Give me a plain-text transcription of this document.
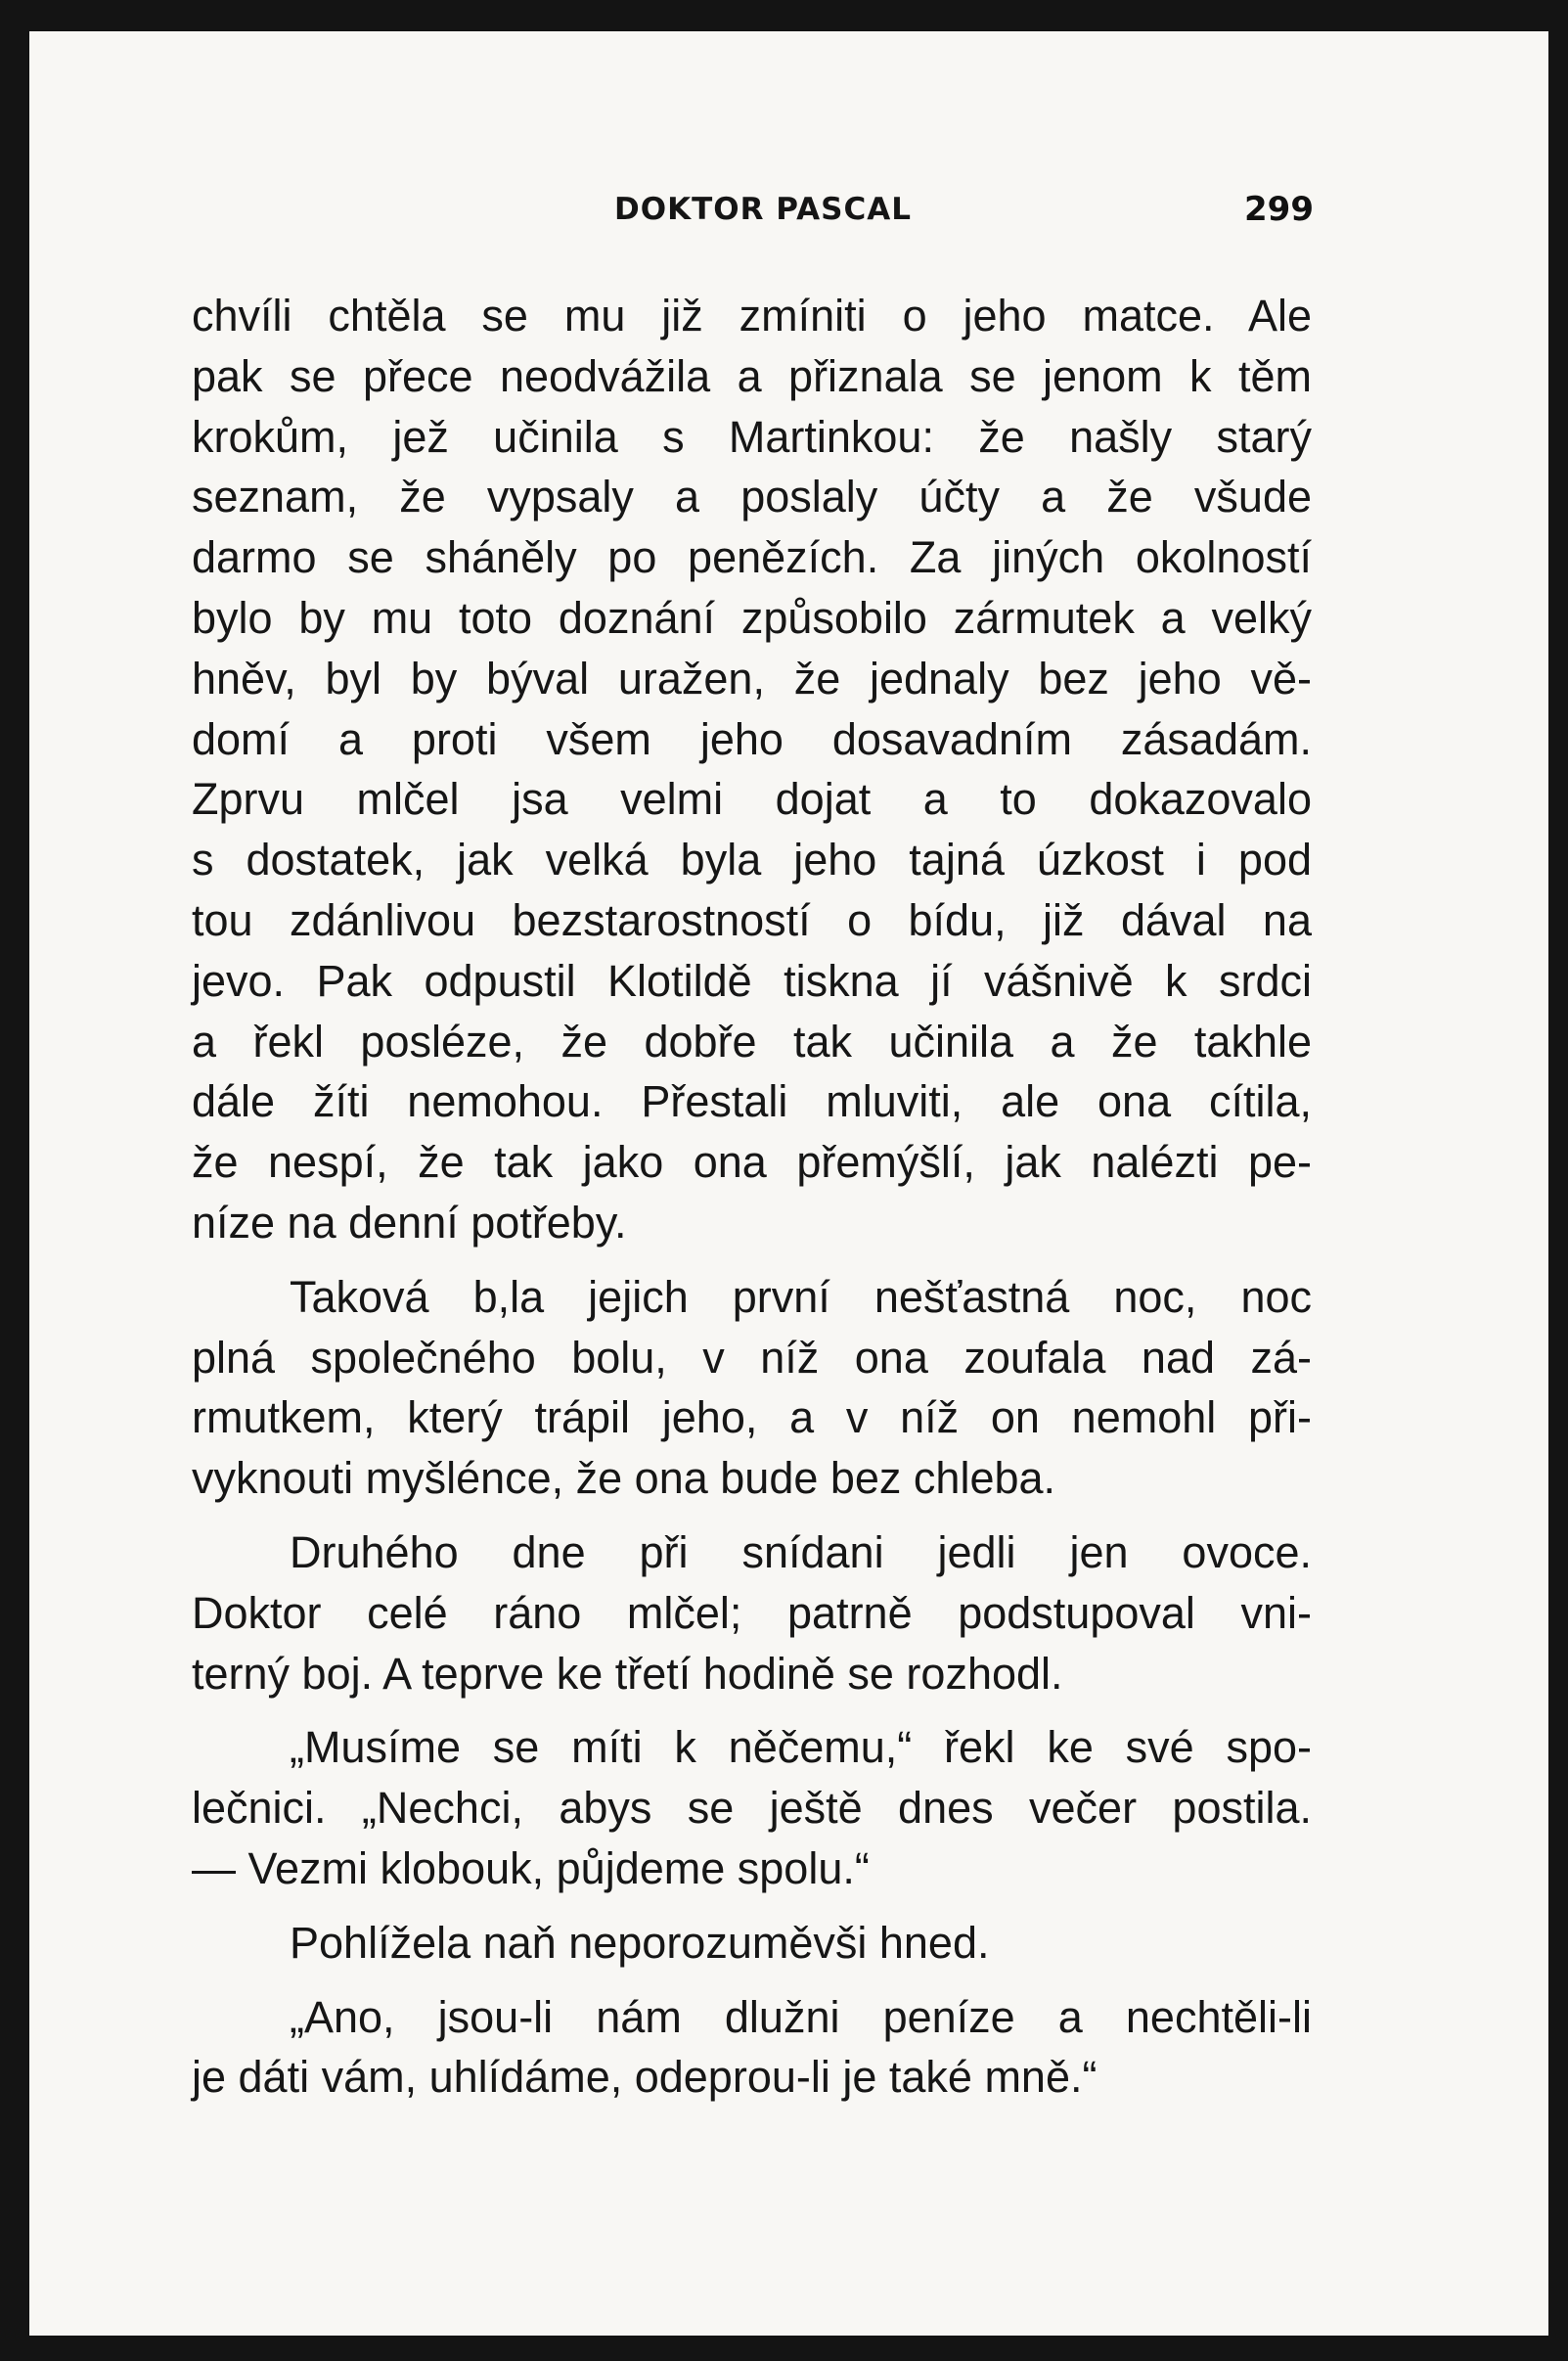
DOKTOR PASCAL	299
chvíli chtěla se mu již zmíniti o jeho matce. Ale
pak se přece neodvážila a přiznala se jenom k těm
krokům, jež učinila s Martinkou: že našly starý
seznam, že vypsaly a poslaly účty a že všude
darmo se sháněly po penězích. Za jiných okolností
bylo by mu toto doznání způsobilo zármutek a velký
hněv, byl by býval uražen, že jednaly bez jeho vě-
domí a proti všem jeho dosavadním zásadám.
Zprvu mlčel jsa velmi dojat a to dokazovalo
s dostatek, jak velká byla jeho tajná úzkost i pod
tou zdánlivou bezstarostností o bídu, již dával na
jevo. Pak odpustil Klotildě tiskna jí vášnivě k srdci
a řekl posléze, že dobře tak učinila a že takhle
dále žíti nemohou. Přestali mluviti, ale ona cítila,
že nespí, že tak jako ona přemýšlí, jak nalézti pe-
níze na denní potřeby.
Taková b,la jejich první nešťastná noc, noc
plná společného bolu, v níž ona zoufala nad zá-
rmutkem, který trápil jeho, a v níž on nemohl při-
vyknouti myšlénce, že ona bude bez chleba.
Druhého dne při snídani jedli jen ovoce.
Doktor celé ráno mlčel; patrně podstupoval vni-
terný boj. A teprve ke třetí hodině se rozhodl.
„Musíme se míti k něčemu,“ řekl ke své spo-
lečnici. „Nechci, abys se ještě dnes večer postila.
— Vezmi klobouk, půjdeme spolu.“
Pohlížela naň neporozuměvši hned.
„Ano, jsou-li nám dlužni peníze a nechtěli-li
je dáti vám, uhlídáme, odeprou-li je také mně.“
